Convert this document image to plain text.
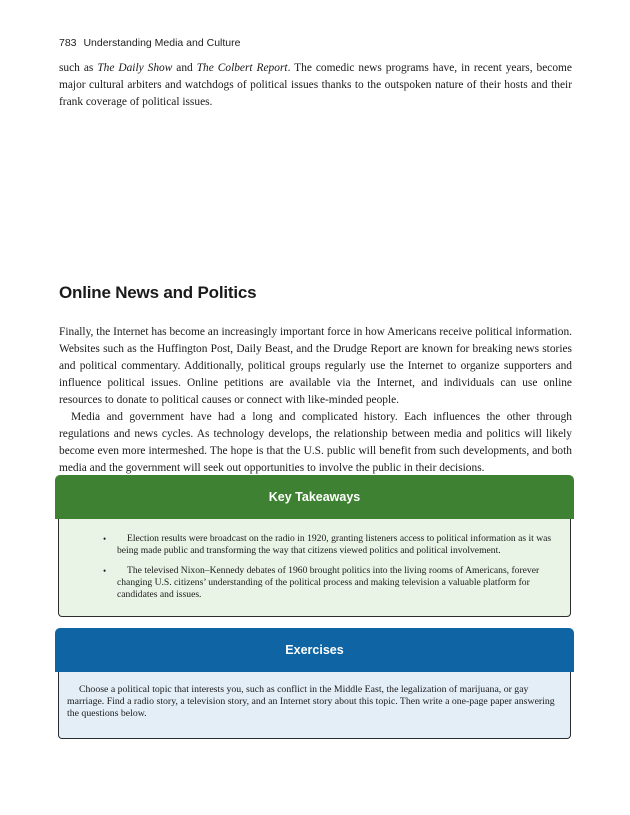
783 Understanding Media and Culture

such as The Daily Show and The Colbert Report. The comedic news programs have, in recent years, become major cultural arbiters and watchdogs of political issues thanks to the outspoken nature of their hosts and their frank coverage of political issues.

Online News and Politics

Finally, the Internet has become an increasingly important force in how Americans receive political information. Websites such as the Huffington Post, Daily Beast, and the Drudge Report are known for breaking news stories and political commentary. Additionally, political groups regularly use the Internet to organize supporters and influence political issues. Online petitions are available via the Internet, and individuals can use online resources to donate to political causes or connect with like-minded people.

Media and government have had a long and complicated history. Each influences the other through regulations and news cycles. As technology develops, the relationship between media and politics will likely become even more intermeshed. The hope is that the U.S. public will benefit from such developments, and both media and the government will seek out opportunities to involve the public in their decisions.

Key Takeaways
• Election results were broadcast on the radio in 1920, granting listeners access to political information as it was being made public and transforming the way that citizens viewed politics and political involvement.
• The televised Nixon–Kennedy debates of 1960 brought politics into the living rooms of Americans, forever changing U.S. citizens’ understanding of the political process and making television a valuable platform for candidates and issues.
Exercises

Choose a political topic that interests you, such as conflict in the Middle East, the legalization of marijuana, or gay marriage. Find a radio story, a television story, and an Internet story about this topic. Then write a one-page paper answering the questions below.
